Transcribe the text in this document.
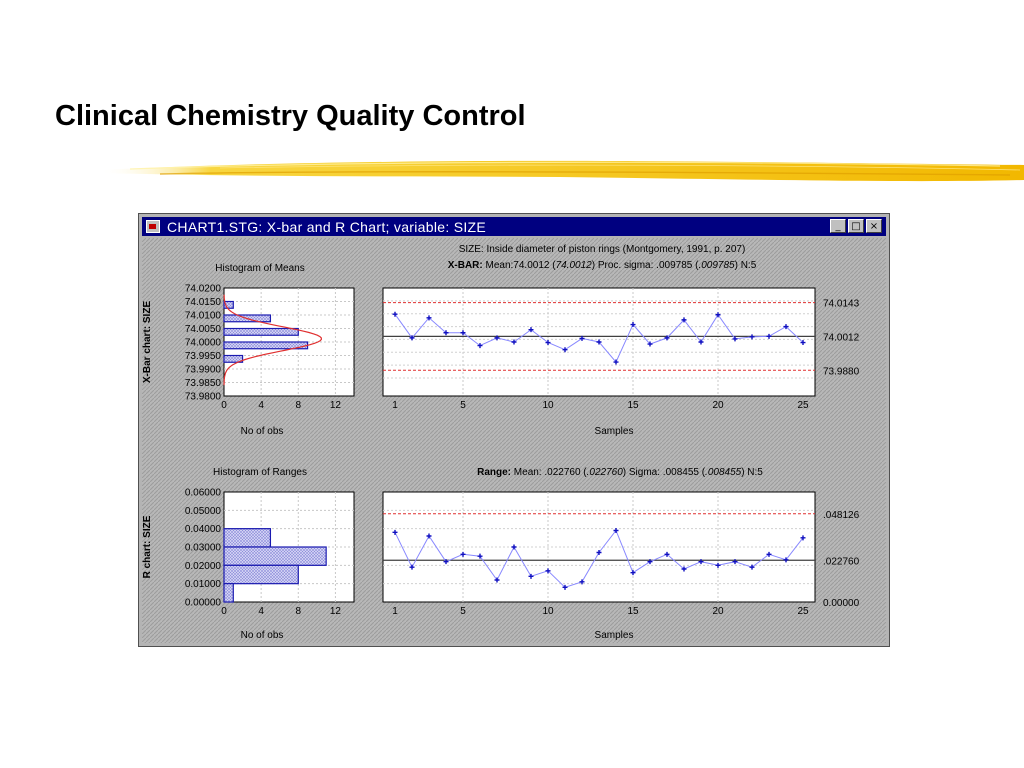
Clinical Chemistry Quality Control
CHART1.STG: X-bar and R Chart; variable: SIZE	_	□ ×
SIZE: Inside diameter of piston rings (Montgomery, 1991, p. 207)
Histogram of Means	X-BAR: Mean:74.0012 (74.0012) Proc. sigma: .009785 (.009785) N:5
74.0200
74.0150
74.0100
74.0050
74.0000
73.9950
73.9900
73.9850
73.9800
0	4	8	12
X-Bar chart: SIZE
No of obs
1	5	10	15	20	25
74.0143
74.0012
73.9880
Samples
Histogram of Ranges	Range: Mean: .022760 (.022760) Sigma: .008455 (.008455) N:5
0.06000
0.05000
0.04000
0.03000
0.02000
0.01000
0.00000
0	4	8	12
R chart: SIZE
No of obs
1	5	10	15	20	25
.048126
.022760
0.00000
Samples
